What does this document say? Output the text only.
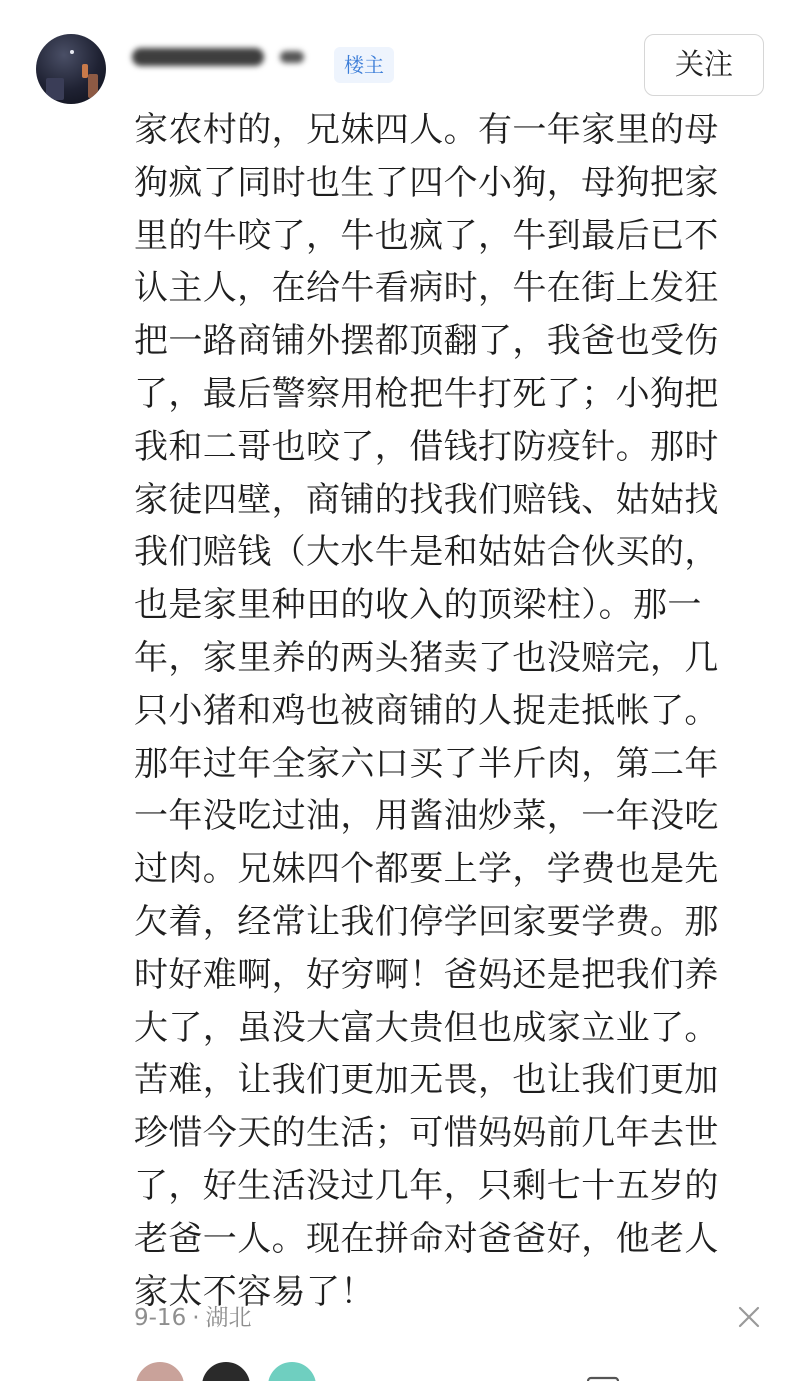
楼主	关注
家农村的，兄妹四人。有一年家里的母狗疯了同时也生了四个小狗，母狗把家里的牛咬了，牛也疯了，牛到最后已不认主人，在给牛看病时，牛在街上发狂把一路商铺外摆都顶翻了，我爸也受伤了，最后警察用枪把牛打死了；小狗把我和二哥也咬了，借钱打防疫针。那时家徒四壁，商铺的找我们赔钱、姑姑找我们赔钱（大水牛是和姑姑合伙买的，也是家里种田的收入的顶梁柱）。那一年，家里养的两头猪卖了也没赔完，几只小猪和鸡也被商铺的人捉走抵帐了。那年过年全家六口买了半斤肉，第二年一年没吃过油，用酱油炒菜，一年没吃过肉。兄妹四个都要上学，学费也是先欠着，经常让我们停学回家要学费。那时好难啊，好穷啊！爸妈还是把我们养大了，虽没大富大贵但也成家立业了。苦难，让我们更加无畏，也让我们更加珍惜今天的生活；可惜妈妈前几年去世了，好生活没过几年，只剩七十五岁的老爸一人。现在拼命对爸爸好，他老人家太不容易了！
9-16 · 湖北
